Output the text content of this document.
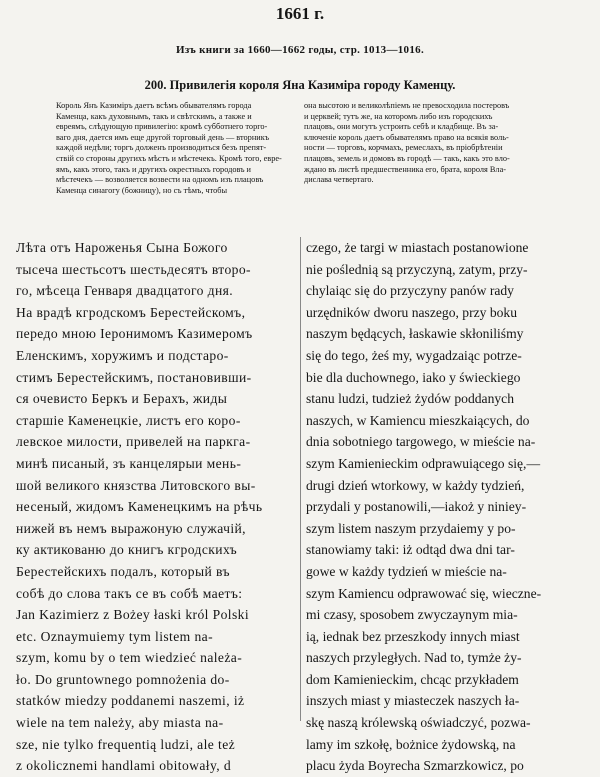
1661 г.
Изъ книги за 1660—1662 годы, стр. 1013—1016.
200. Привилегія короля Яна Казиміра городу Каменцу.
Король Янъ Казиміръ даетъ всѣмъ обывателямъ города
Каменца, какъ духовнымъ, такъ и свѣтскимъ, а также и
евреямъ, слѣдующую привилегію: кромѣ субботнего торго-
ваго дня, дается имъ еще другой торговый день — вторникъ
каждой недѣли; торгъ долженъ производиться безъ препят-
ствій со стороны другихъ мѣстъ и мѣстечекъ. Кромѣ того, евре-
ямъ, какъ этого, такъ и другихъ окрестныхъ городовъ и
мѣстечекъ — возволяется возвести на одномъ изъ плацовъ
Каменца синагогу (божницу), но съ тѣмъ, чтобы
она высотою и великолѣпіемъ не превосходила постеровъ
и церквей; тутъ же, на которомъ либо изъ городскихъ
плацовъ, они могутъ устроить себѣ и кладбище. Въ за-
ключеніе король даетъ обывателямъ право на всякія воль-
ности — торговъ, корчмахъ, ремеслахъ, въ пріобрѣтеніи
плацовъ, земель и домовъ въ городѣ — такъ, какъ это вло-
ждано въ листѣ предшественника его, брата, короля Вла-
дислава четвертаго.
Лѣта отъ Нароженья Сына Божого
тысеча шестьсотъ шестьдесятъ второ-
го, мѣсеца Генваря двадцатого дня.
На врадѣ кгродскомъ Берестейскомъ,
передо мною Іеронимомъ Казимеромъ
Еленскимъ, хоружимъ и подстаро-
стимъ Берестейскимъ, постановивши-
ся очевисто Беркъ и Берахъ, жиды
старшіе Каменецкіе, листъ его коро-
левское милости, привелей на паркга-
минѣ писаный, зъ канцелярыи мень-
шой великого князства Литовского вы-
несеный, жидомъ Каменецкимъ на рѣчь
нижей въ немъ выражоную служачій,
ку актикованю до книгъ кгродскихъ
Берестейскихъ подалъ, который въ
собѣ до слова такъ се въ собѣ маетъ:
Jan Kazimierz z Bożey łaski król Polski
etc. Oznaymuiemy tym listem na-
szym, komu by o tem wiedzieć należa-
ło. Do gruntownego pomnożenia do-
statków miedzy poddanemi naszemi, iż
wiele na tem należy, aby miasta na-
sze, nie tylko frequentią ludzi, ale też
z okolicznemi handlami obitowały, d
czego, że targi w miastach postanowione
nie poślednią są przyczyną, zatym, przy-
chylaiąc się do przyczyny panów rady
urzędników dworu naszego, przy boku
naszym będących, łaskawie skłoniliśmy
się do tego, żeś my, wygadzaiąc potrze-
bie dla duchownego, iako y świeckiego
stanu ludzi, tudzież żydów poddanych
naszych, w Kamiencu mieszkaiących, do
dnia sobotniego targowego, w mieście na-
szym Kamienieckim odprawuiącego się,—
drugi dzień wtorkowy, w każdy tydzień,
przydali y postanowili,—iakoż y niniey-
szym listem naszym przydaiemy y po-
stanowiamy taki: iż odtąd dwa dni tar-
gowe w każdy tydzień w mieście na-
szym Kamiencu odprawować się, wieczne-
mi czasy, sposobem zwyczaynym mia-
ią, iednak bez przeszkody innych miast
naszych przyległych. Nad to, tymże ży-
dom Kamienieckim, chcąc przykładem
inszych miast y miasteczek naszych ła-
skę naszą królewską oświadczyć, pozwa-
lamy im szkołę, bożnice żydowską, na
placu żyda Boyrecha Szmarzkowicz, po
